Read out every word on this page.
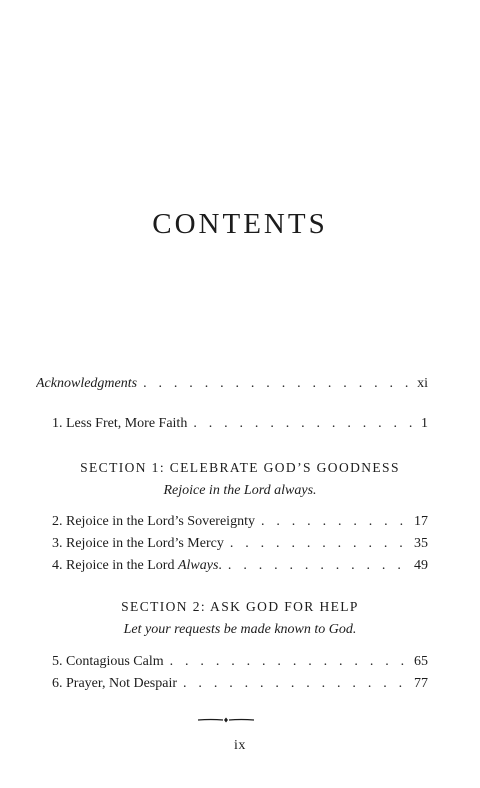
CONTENTS
Acknowledgments . . .	xi
1. Less Fret, More Faith . . .	1
SECTION 1: CELEBRATE GOD’S GOODNESS
Rejoice in the Lord always.
2. Rejoice in the Lord’s Sovereignty . . .	17
3. Rejoice in the Lord’s Mercy . . .	35
4. Rejoice in the Lord Always. . . .	49
SECTION 2: ASK GOD FOR HELP
Let your requests be made known to God.
5. Contagious Calm . . .	65
6. Prayer, Not Despair . . .	77
ix
